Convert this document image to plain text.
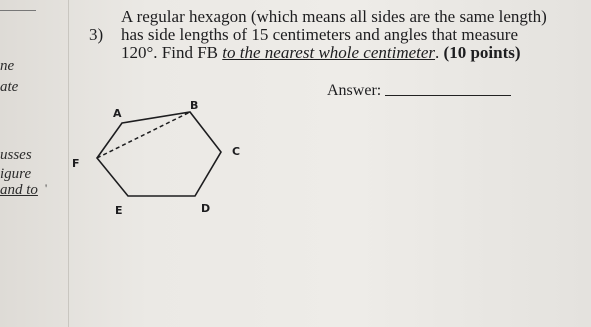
ne
ate
usses
igure
and to '
3)
A regular hexagon (which means all sides are the same length)
has side lengths of 15 centimeters and angles that measure
120°. Find FB to the nearest whole centimeter. (10 points)
Answer:
A
B
C
D
E
F
